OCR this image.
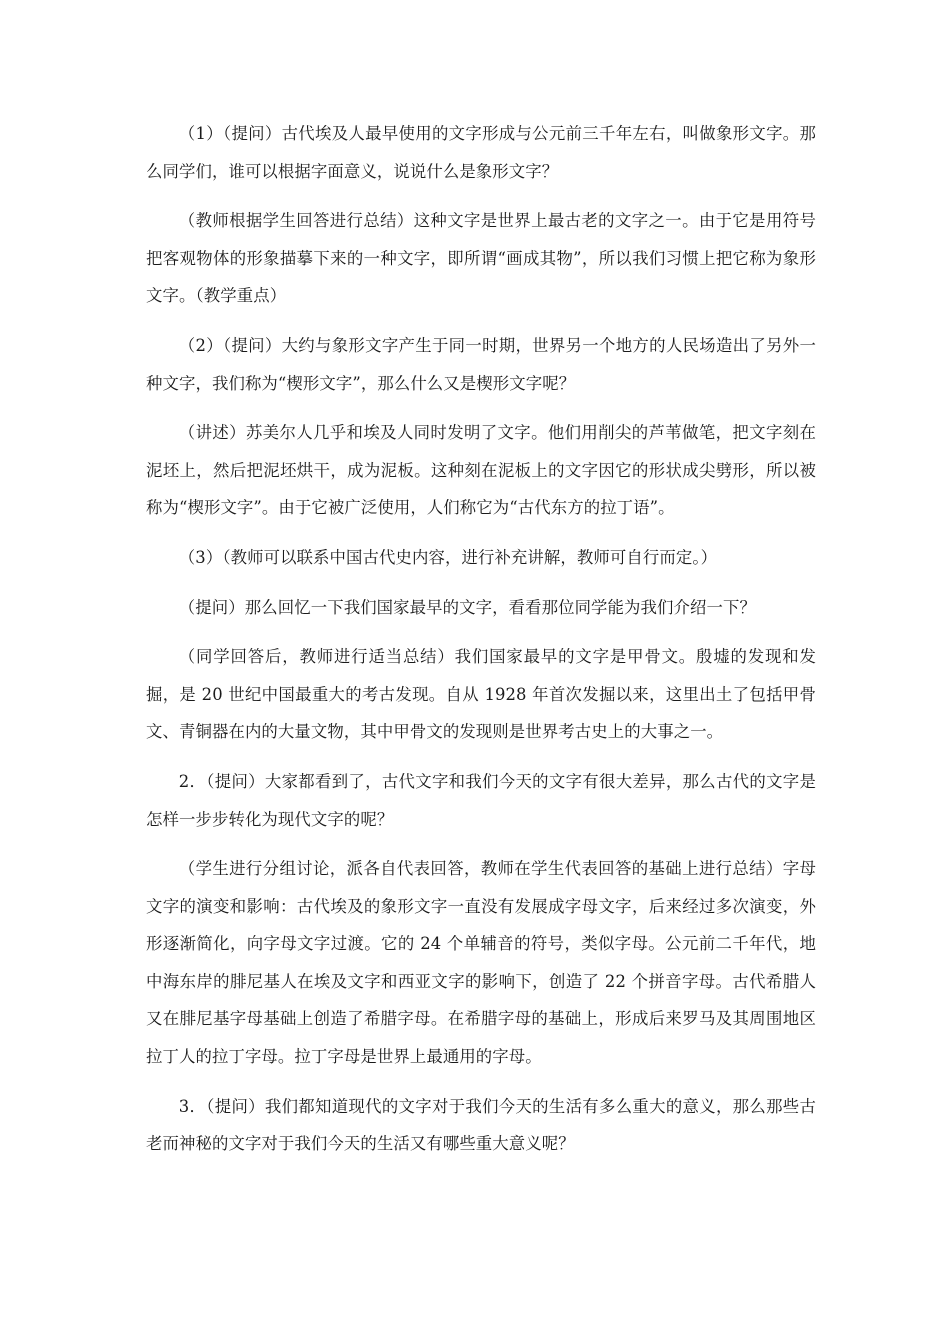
（1）（提问）古代埃及人最早使用的文字形成与公元前三千年左右，叫做象形文字。那么同学们，谁可以根据字面意义，说说什么是象形文字？

（教师根据学生回答进行总结）这种文字是世界上最古老的文字之一。由于它是用符号把客观物体的形象描摹下来的一种文字，即所谓“画成其物”，所以我们习惯上把它称为象形文字。（教学重点）

（2）（提问）大约与象形文字产生于同一时期，世界另一个地方的人民场造出了另外一种文字，我们称为“楔形文字”，那么什么又是楔形文字呢？

（讲述）苏美尔人几乎和埃及人同时发明了文字。他们用削尖的芦苇做笔，把文字刻在泥坯上，然后把泥坯烘干，成为泥板。这种刻在泥板上的文字因它的形状成尖劈形，所以被称为“楔形文字”。由于它被广泛使用，人们称它为“古代东方的拉丁语”。

（3）（教师可以联系中国古代史内容，进行补充讲解，教师可自行而定。）

（提问）那么回忆一下我们国家最早的文字，看看那位同学能为我们介绍一下？

（同学回答后，教师进行适当总结）我们国家最早的文字是甲骨文。殷墟的发现和发掘，是 20 世纪中国最重大的考古发现。自从 1928 年首次发掘以来，这里出土了包括甲骨文、青铜器在内的大量文物，其中甲骨文的发现则是世界考古史上的大事之一。

2．（提问）大家都看到了，古代文字和我们今天的文字有很大差异，那么古代的文字是怎样一步步转化为现代文字的呢？

（学生进行分组讨论，派各自代表回答，教师在学生代表回答的基础上进行总结）字母文字的演变和影响：古代埃及的象形文字一直没有发展成字母文字，后来经过多次演变，外形逐渐简化，向字母文字过渡。它的 24 个单辅音的符号，类似字母。公元前二千年代，地中海东岸的腓尼基人在埃及文字和西亚文字的影响下，创造了 22 个拼音字母。古代希腊人又在腓尼基字母基础上创造了希腊字母。在希腊字母的基础上，形成后来罗马及其周围地区拉丁人的拉丁字母。拉丁字母是世界上最通用的字母。

3．（提问）我们都知道现代的文字对于我们今天的生活有多么重大的意义，那么那些古老而神秘的文字对于我们今天的生活又有哪些重大意义呢？
